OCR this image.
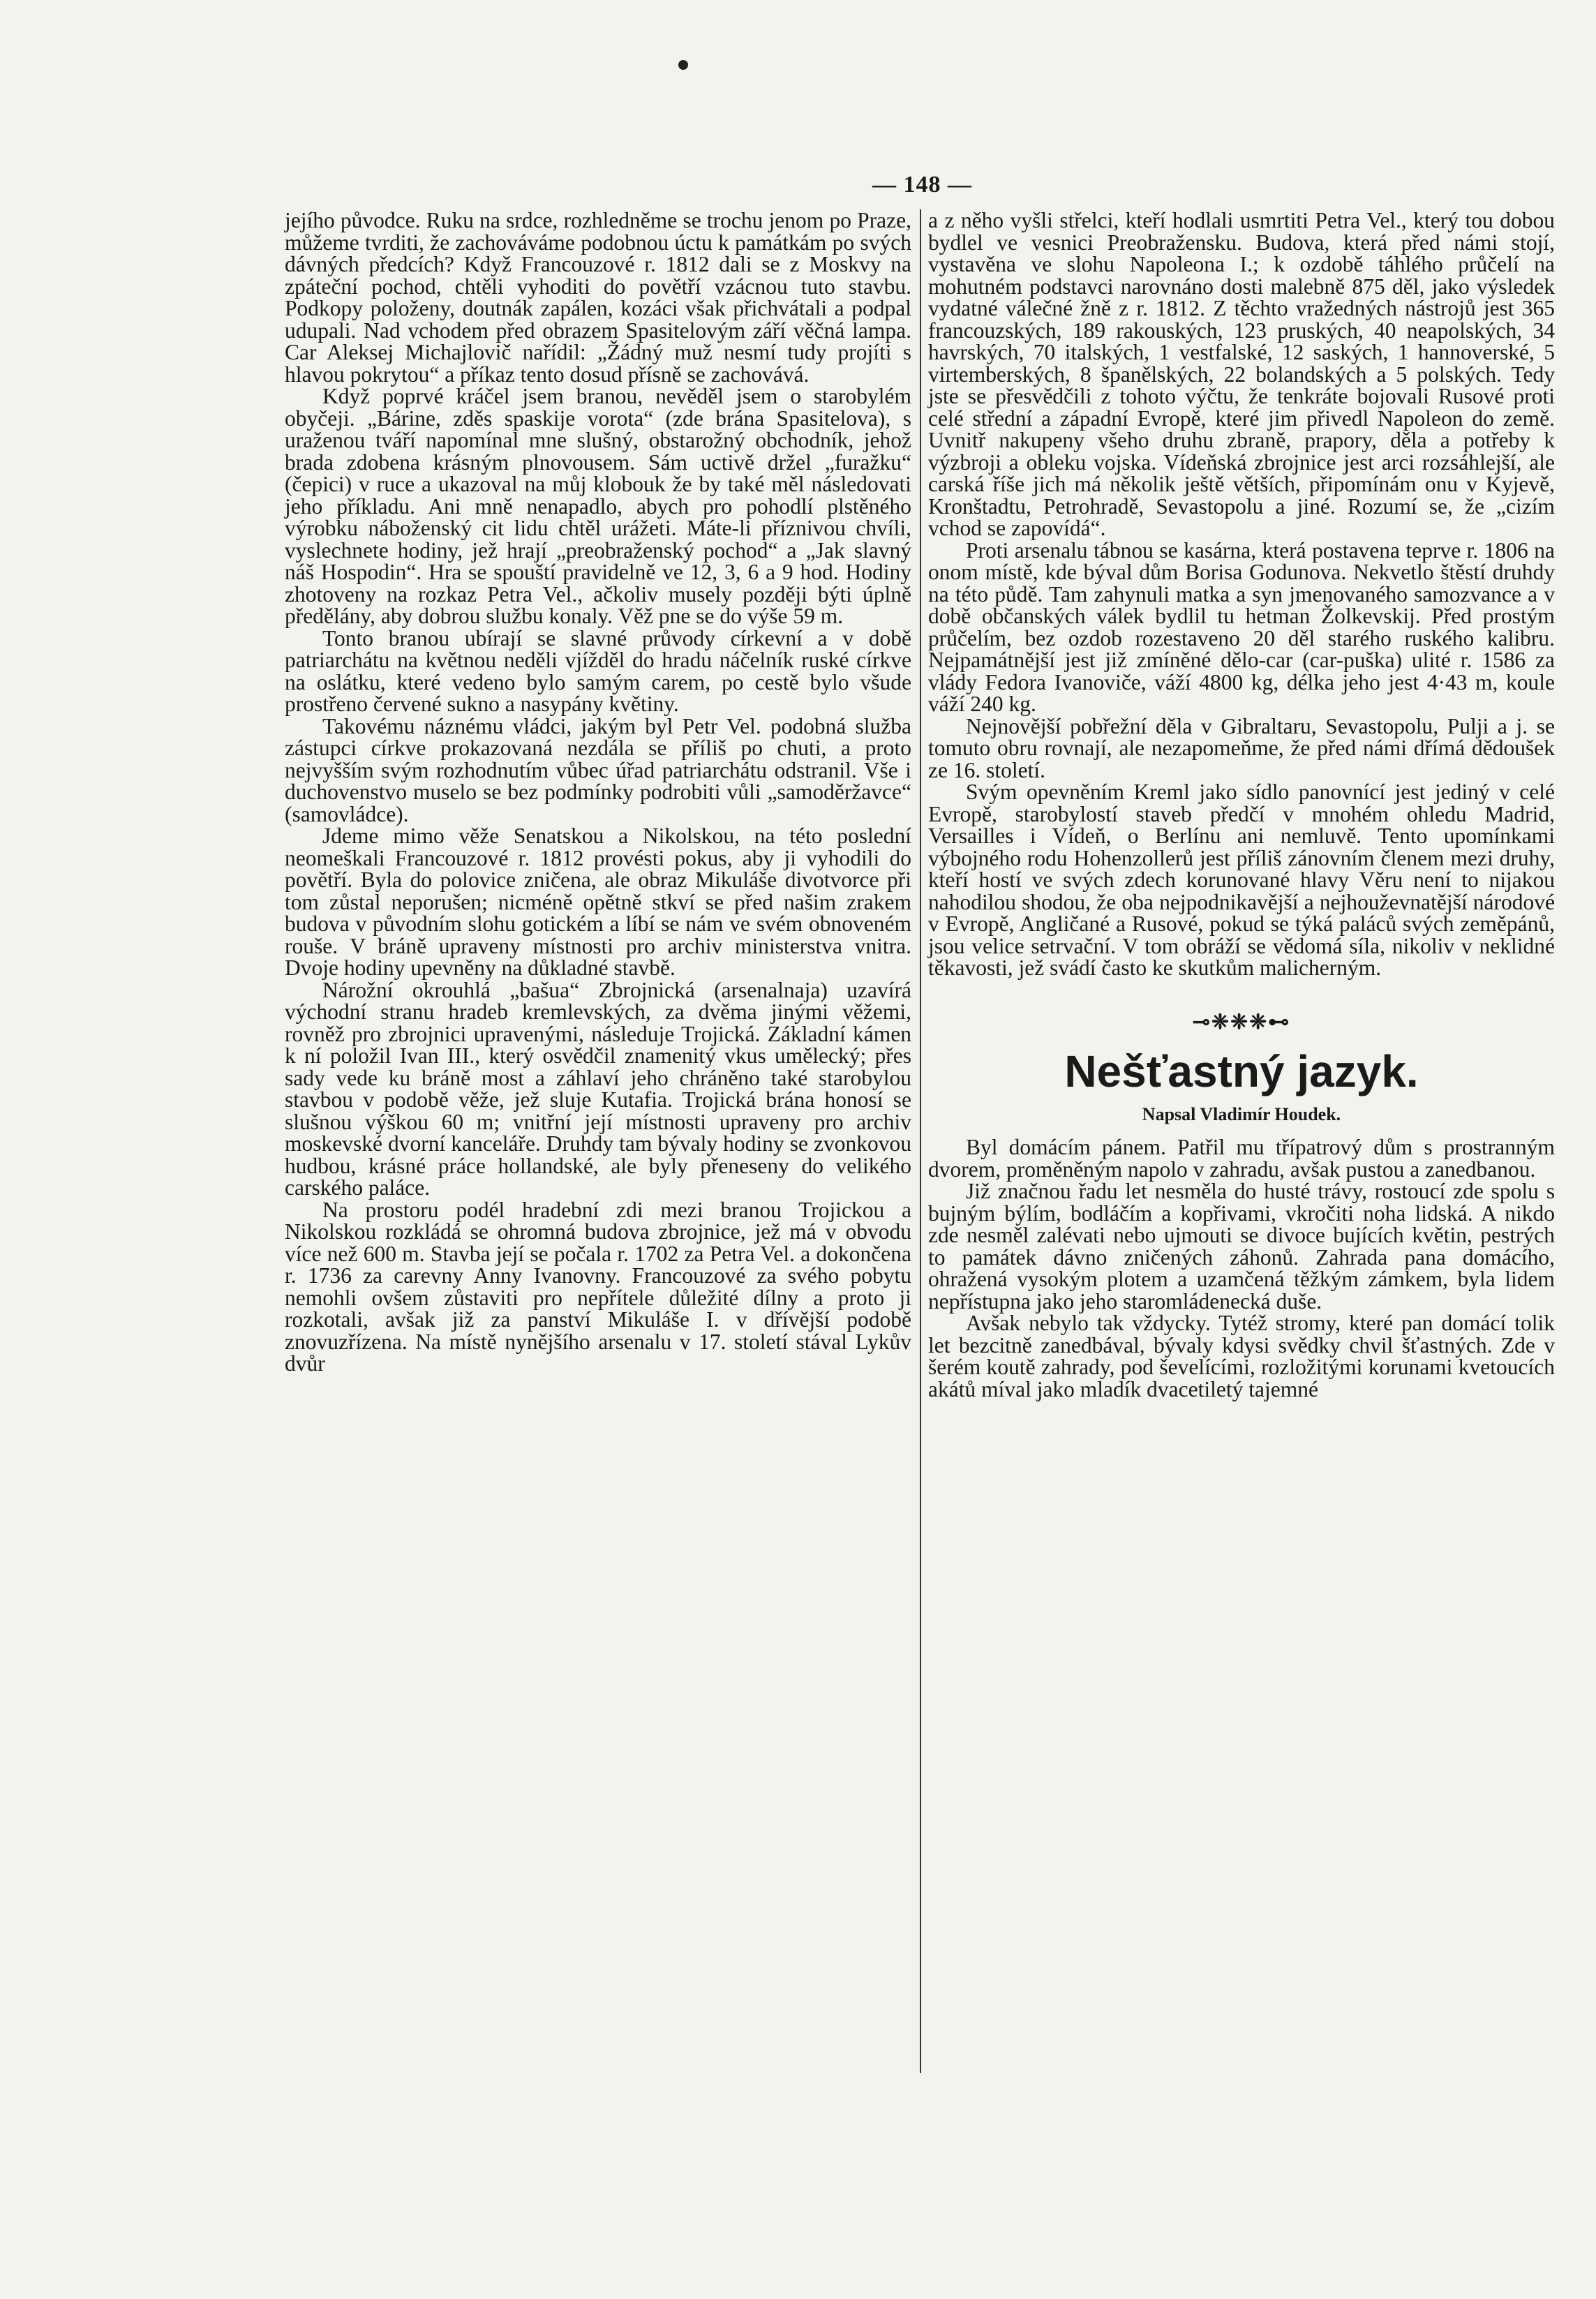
— 148 —

jejího původce. Ruku na srdce, rozhledněme se trochu jenom po Praze, můžeme tvrditi, že zachováváme podobnou úctu k památkám po svých dávných předcích? Když Francouzové r. 1812 dali se z Moskvy na zpáteční pochod, chtěli vyhoditi do povětří vzácnou tuto stavbu. Podkopy položeny, doutnák zapálen, kozáci však přichvátali a podpal udupali. Nad vchodem před obrazem Spasitelovým září věčná lampa. Car Aleksej Michajlovič nařídil: „Žádný muž nesmí tudy projíti s hlavou pokrytou“ a příkaz tento dosud přísně se zachovává.

Když poprvé kráčel jsem branou, nevěděl jsem o starobylém obyčeji. „Bárine, zděs spaskije vorota“ (zde brána Spasitelova), s uraženou tváří napomínal mne slušný, obstarožný obchodník, jehož brada zdobena krásným plnovousem. Sám uctivě držel „furažku“ (čepici) v ruce a ukazoval na můj klobouk že by také měl následovati jeho příkladu. Ani mně nenapadlo, abych pro pohodlí plstěného výrobku náboženský cit lidu chtěl urážeti. Máte-li příznivou chvíli, vyslechnete hodiny, jež hrají „preobraženský pochod“ a „Jak slavný náš Hospodin“. Hra se spouští pravidelně ve 12, 3, 6 a 9 hod. Hodiny zhotoveny na rozkaz Petra Vel., ačkoliv musely později býti úplně předělány, aby dobrou službu konaly. Věž pne se do výše 59 m.

Tonto branou ubírají se slavné průvody církevní a v době patriarchátu na květnou neděli vjížděl do hradu náčelník ruské církve na oslátku, které vedeno bylo samým carem, po cestě bylo všude prostřeno červené sukno a nasypány květiny.

Takovému náznému vládci, jakým byl Petr Vel. podobná služba zástupci církve prokazovaná nezdála se příliš po chuti, a proto nejvyšším svým rozhodnutím vůbec úřad patriarchátu odstranil. Vše i duchovenstvo muselo se bez podmínky podrobiti vůli „samoděržavce“ (samovládce).

Jdeme mimo věže Senatskou a Nikolskou, na této poslední neomeškali Francouzové r. 1812 provésti pokus, aby ji vyhodili do povětří. Byla do polovice zničena, ale obraz Mikuláše divotvorce při tom zůstal neporušen; nicméně opětně stkví se před našim zrakem budova v původním slohu gotickém a líbí se nám ve svém obnoveném rouše. V bráně upraveny místnosti pro archiv ministerstva vnitra. Dvoje hodiny upevněny na důkladné stavbě.

Nárožní okrouhlá „bašua“ Zbrojnická (arsenalnaja) uzavírá východní stranu hradeb kremlevských, za dvěma jinými věžemi, rovněž pro zbrojnici upravenými, následuje Trojická. Základní kámen k ní položil Ivan III., který osvědčil znamenitý vkus umělecký; přes sady vede ku bráně most a záhlaví jeho chráněno také starobylou stavbou v podobě věže, jež sluje Kutafia. Trojická brána honosí se slušnou výškou 60 m; vnitřní její místnosti upraveny pro archiv moskevské dvorní kanceláře. Druhdy tam bývaly hodiny se zvonkovou hudbou, krásné práce hollandské, ale byly přeneseny do velikého carského paláce.

Na prostoru podél hradební zdi mezi branou Trojickou a Nikolskou rozkládá se ohromná budova zbrojnice, jež má v obvodu více než 600 m. Stavba její se počala r. 1702 za Petra Vel. a dokončena r. 1736 za carevny Anny Ivanovny. Francouzové za svého pobytu nemohli ovšem zůstaviti pro nepřítele důležité dílny a proto ji rozkotali, avšak již za panství Mikuláše I. v dřívější podobě znovuzřízena. Na místě nynějšího arsenalu v 17. století stával Lykův dvůr

a z něho vyšli střelci, kteří hodlali usmrtiti Petra Vel., který tou dobou bydlel ve vesnici Preobražensku. Budova, která před námi stojí, vystavěna ve slohu Napoleona I.; k ozdobě táhlého průčelí na mohutném podstavci narovnáno dosti malebně 875 děl, jako výsledek vydatné válečné žně z r. 1812. Z těchto vražedných nástrojů jest 365 francouzských, 189 rakouských, 123 pruských, 40 neapolských, 34 havrských, 70 italských, 1 vestfalské, 12 saských, 1 hannoverské, 5 virtemberských, 8 španělských, 22 bolandských a 5 polských. Tedy jste se přesvědčili z tohoto výčtu, že tenkráte bojovali Rusové proti celé střední a západní Evropě, které jim přivedl Napoleon do země. Uvnitř nakupeny všeho druhu zbraně, prapory, děla a potřeby k výzbroji a obleku vojska. Vídeňská zbrojnice jest arci rozsáhlejší, ale carská říše jich má několik ještě větších, připomínám onu v Kyjevě, Kronštadtu, Petrohradě, Sevastopolu a jiné. Rozumí se, že „cizím vchod se zapovídá“.

Proti arsenalu tábnou se kasárna, která postavena teprve r. 1806 na onom místě, kde býval dům Borisa Godunova. Nekvetlo štěstí druhdy na této půdě. Tam zahynuli matka a syn jmenovaného samozvance a v době občanských válek bydlil tu hetman Žolkevskij. Před prostým průčelím, bez ozdob rozestaveno 20 děl starého ruského kalibru. Nejpamátnější jest již zmíněné dělo-car (car-puška) ulité r. 1586 za vlády Fedora Ivanoviče, váží 4800 kg, délka jeho jest 4·43 m, koule váží 240 kg.

Nejnovější pobřežní děla v Gibraltaru, Sevastopolu, Pulji a j. se tomuto obru rovnají, ale nezapomeňme, že před námi dřímá dědoušek ze 16. století.

Svým opevněním Kreml jako sídlo panovnící jest jediný v celé Evropě, starobylostí staveb předčí v mnohém ohledu Madrid, Versailles i Vídeň, o Berlínu ani nemluvě. Tento upomínkami výbojného rodu Hohenzollerů jest příliš zánovním členem mezi druhy, kteří hostí ve svých zdech korunované hlavy Věru není to nijakou nahodilou shodou, že oba nejpodnikavější a nejhouževnatější národové v Evropě, Angličané a Rusové, pokud se týká paláců svých zeměpánů, jsou velice setrvační. V tom obráží se vědomá síla, nikoliv v neklidné těkavosti, jež svádí často ke skutkům malicherným.

⊸❈❈❈⊷
Nešťastný jazyk.
Napsal Vladimír Houdek.

Byl domácím pánem. Patřil mu třípatrový dům s prostranným dvorem, proměněným napolo v zahradu, avšak pustou a zanedbanou.

Již značnou řadu let nesměla do husté trávy, rostoucí zde spolu s bujným býlím, bodláčím a kopřivami, vkročiti noha lidská. A nikdo zde nesměl zalévati nebo ujmouti se divoce bujících květin, pestrých to památek dávno zničených záhonů. Zahrada pana domácího, ohražená vysokým plotem a uzamčená těžkým zámkem, byla lidem nepřístupna jako jeho staromládenecká duše.

Avšak nebylo tak vždycky. Tytéž stromy, které pan domácí tolik let bezcitně zanedbával, bývaly kdysi svědky chvil šťastných. Zde v šerém koutě zahrady, pod ševelícími, rozložitými korunami kvetoucích akátů míval jako mladík dvacetiletý tajemné
